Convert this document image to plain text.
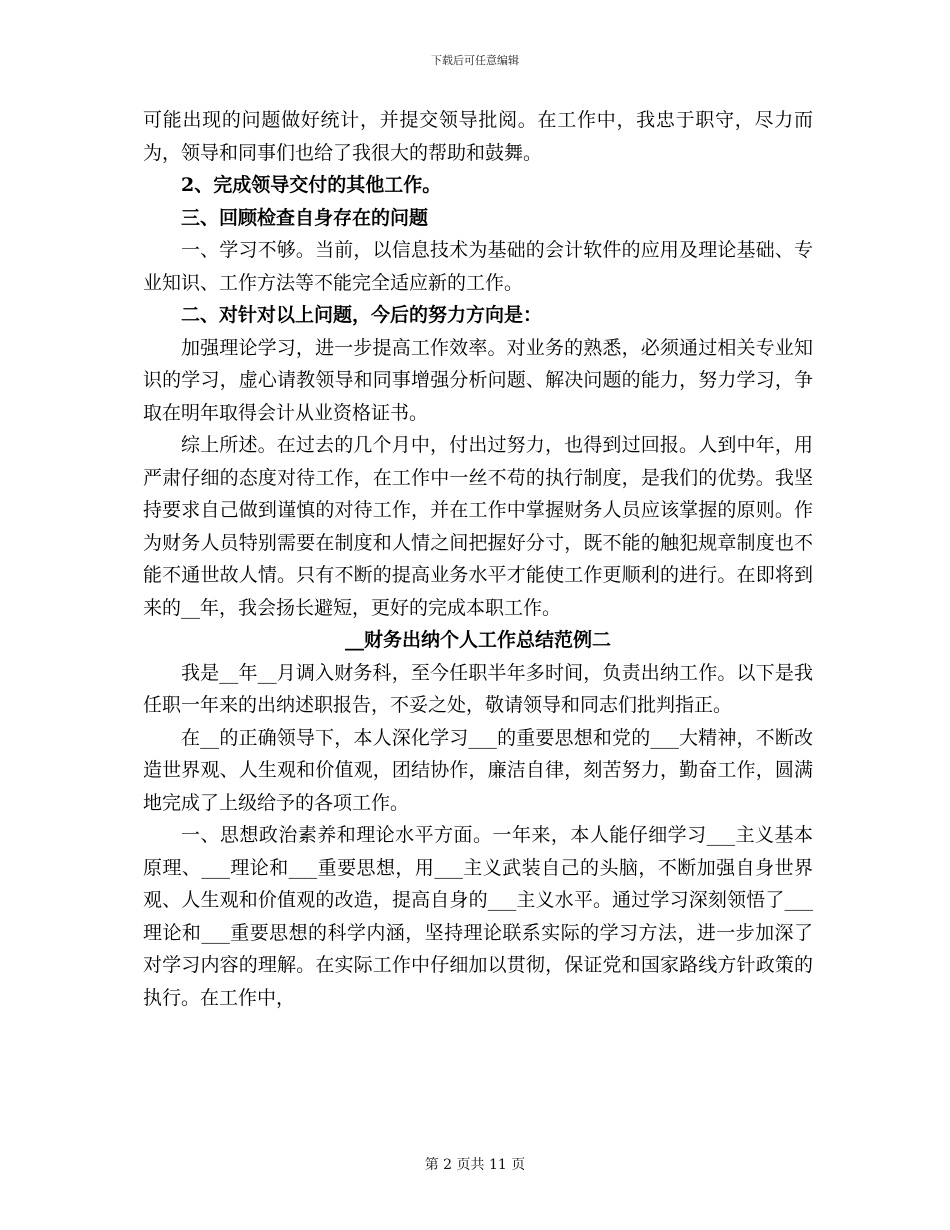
下载后可任意编辑

可能出现的问题做好统计，并提交领导批阅。在工作中，我忠于职守，尽力而为，领导和同事们也给了我很大的帮助和鼓舞。

2、完成领导交付的其他工作。

三、回顾检查自身存在的问题

一、学习不够。当前，以信息技术为基础的会计软件的应用及理论基础、专业知识、工作方法等不能完全适应新的工作。

二、对针对以上问题，今后的努力方向是：

加强理论学习，进一步提高工作效率。对业务的熟悉，必须通过相关专业知识的学习，虚心请教领导和同事增强分析问题、解决问题的能力，努力学习，争取在明年取得会计从业资格证书。

综上所述。在过去的几个月中，付出过努力，也得到过回报。人到中年，用严肃仔细的态度对待工作，在工作中一丝不苟的执行制度，是我们的优势。我坚持要求自己做到谨慎的对待工作，并在工作中掌握财务人员应该掌握的原则。作为财务人员特别需要在制度和人情之间把握好分寸，既不能的触犯规章制度也不能不通世故人情。只有不断的提高业务水平才能使工作更顺利的进行。在即将到来的__年，我会扬长避短，更好的完成本职工作。

__财务出纳个人工作总结范例二

我是__年__月调入财务科，至今任职半年多时间，负责出纳工作。以下是我任职一年来的出纳述职报告，不妥之处，敬请领导和同志们批判指正。

在__的正确领导下，本人深化学习___的重要思想和党的___大精神，不断改造世界观、人生观和价值观，团结协作，廉洁自律，刻苦努力，勤奋工作，圆满地完成了上级给予的各项工作。

一、思想政治素养和理论水平方面。一年来，本人能仔细学习___主义基本原理、___理论和___重要思想，用___主义武装自己的头脑，不断加强自身世界观、人生观和价值观的改造，提高自身的___主义水平。通过学习深刻领悟了___理论和___重要思想的科学内涵，坚持理论联系实际的学习方法，进一步加深了对学习内容的理解。在实际工作中仔细加以贯彻，保证党和国家路线方针政策的执行。在工作中，

第 2 页共 11 页
